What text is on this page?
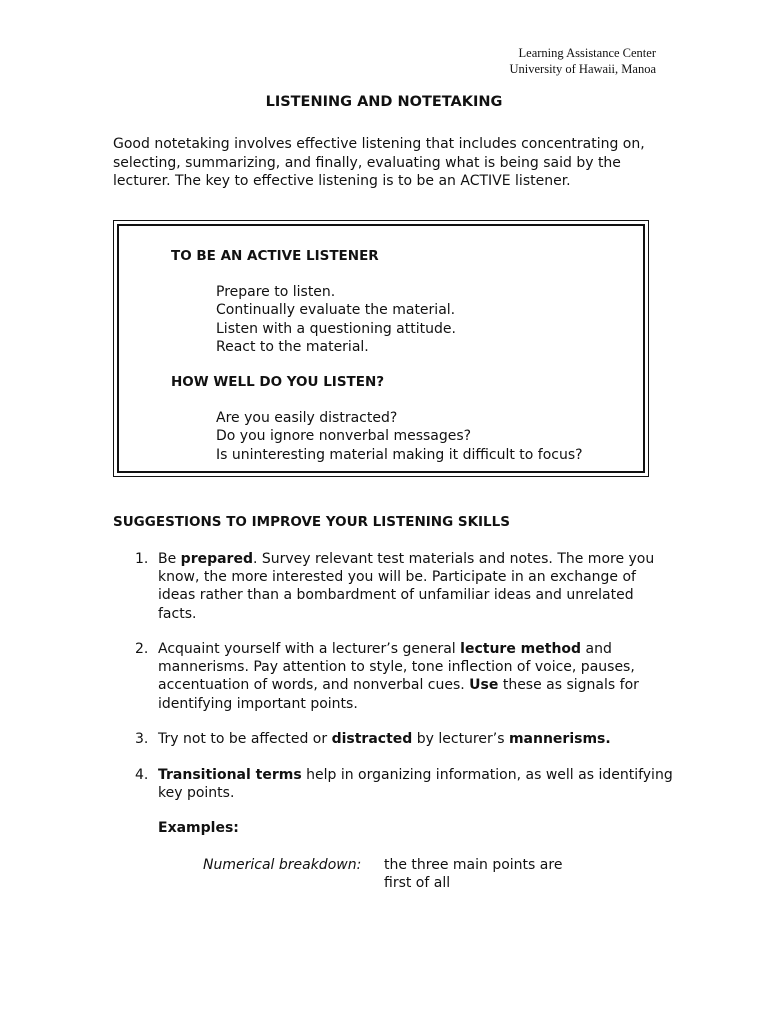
Learning Assistance Center
University of Hawaii, Manoa
LISTENING AND NOTETAKING
Good notetaking involves effective listening that includes concentrating on,
selecting, summarizing, and finally, evaluating what is being said by the
lecturer. The key to effective listening is to be an ACTIVE listener.
TO BE AN ACTIVE LISTENER
Prepare to listen.
Continually evaluate the material.
Listen with a questioning attitude.
React to the material.
HOW WELL DO YOU LISTEN?
Are you easily distracted?
Do you ignore nonverbal messages?
Is uninteresting material making it difficult to focus?
SUGGESTIONS TO IMPROVE YOUR LISTENING SKILLS
1. Be prepared. Survey relevant test materials and notes. The more you
know, the more interested you will be. Participate in an exchange of
ideas rather than a bombardment of unfamiliar ideas and unrelated
facts.
2. Acquaint yourself with a lecturer’s general lecture method and
mannerisms. Pay attention to style, tone inflection of voice, pauses,
accentuation of words, and nonverbal cues. Use these as signals for
identifying important points.
3. Try not to be affected or distracted by lecturer’s mannerisms.
4. Transitional terms help in organizing information, as well as identifying
key points.
Examples:
Numerical breakdown: the three main points are
first of all
